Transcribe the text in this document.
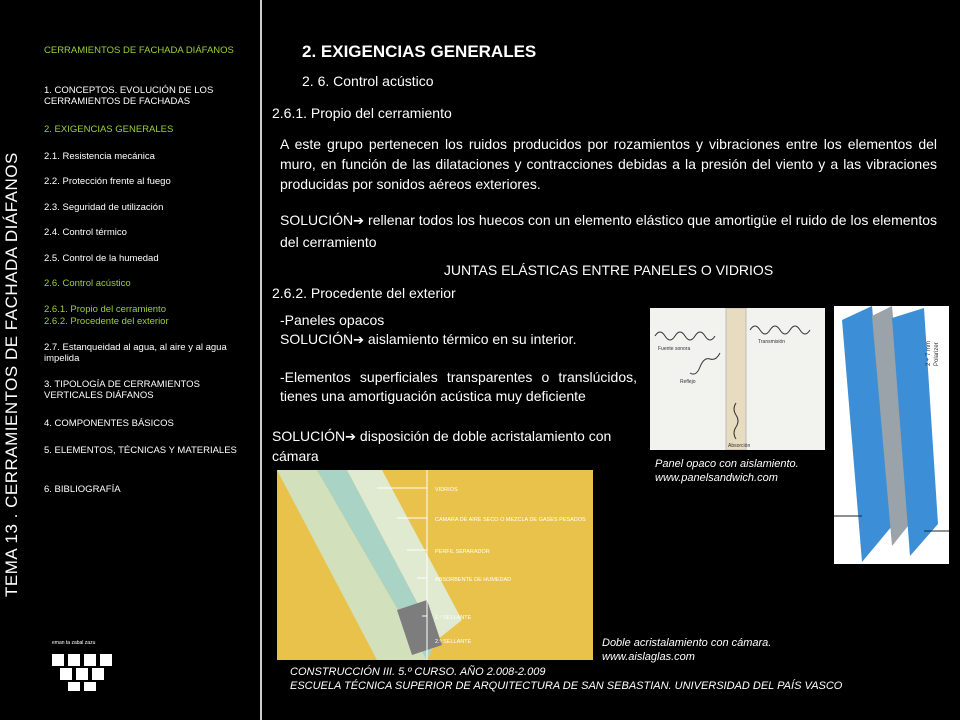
TEMA 13 . CERRAMIENTOS DE FACHADA DIÁFANOS
CERRAMIENTOS DE FACHADA DIÁFANOS
1. CONCEPTOS. EVOLUCIÓN DE LOS CERRAMIENTOS DE FACHADAS
2. EXIGENCIAS GENERALES
2.1. Resistencia mecánica
2.2. Protección frente al fuego
2.3. Seguridad de utilización
2.4. Control térmico
2.5. Control de la humedad
2.6. Control acústico
2.6.1. Propio del cerramiento
2.6.2. Procedente del exterior
2.7. Estanqueidad al agua, al aire y al agua impelida
3. TIPOLOGÍA DE CERRAMIENTOS VERTICALES DIÁFANOS
4. COMPONENTES BÁSICOS
5. ELEMENTOS, TÉCNICAS Y MATERIALES
6. BIBLIOGRAFÍA
eman ta zabal zazu
2. EXIGENCIAS GENERALES
2. 6. Control acústico
2.6.1. Propio del cerramiento
A este grupo pertenecen los ruidos producidos por rozamientos y vibraciones entre los elementos del muro, en función de las dilataciones y contracciones debidas a la presión del viento y a las vibraciones producidas por sonidos aéreos exteriores.
SOLUCIÓN➔ rellenar todos los huecos con un elemento elástico que amortigüe el ruido de los elementos del cerramiento
JUNTAS ELÁSTICAS ENTRE PANELES O VIDRIOS
2.6.2. Procedente del exterior
-Paneles opacos
SOLUCIÓN➔ aislamiento térmico en su interior.
-Elementos superficiales transparentes o translúcidos, tienes una amortiguación acústica muy deficiente
SOLUCIÓN➔ disposición de doble acristalamiento con cámara
Fuente sonora
Transmisión
Reflejo
Absorción
2 ÷ 7 mm Polarizer
Panel opaco con aislamiento.
www.panelsandwich.com
VIDRIOS
CAMARA DE AIRE SECO O MEZCLA DE GASES PESADOS
PERFIL SEPARADOR
ABSORBENTE DE HUMEDAD
1.º SELLANTE
2.º SELLANTE	Doble acristalamiento con cámara.
www.aislaglas.com
CONSTRUCCIÓN III. 5.º CURSO. AÑO 2.008-2.009
ESCUELA TÉCNICA SUPERIOR DE ARQUITECTURA DE SAN SEBASTIAN. UNIVERSIDAD DEL PAÍS VASCO
